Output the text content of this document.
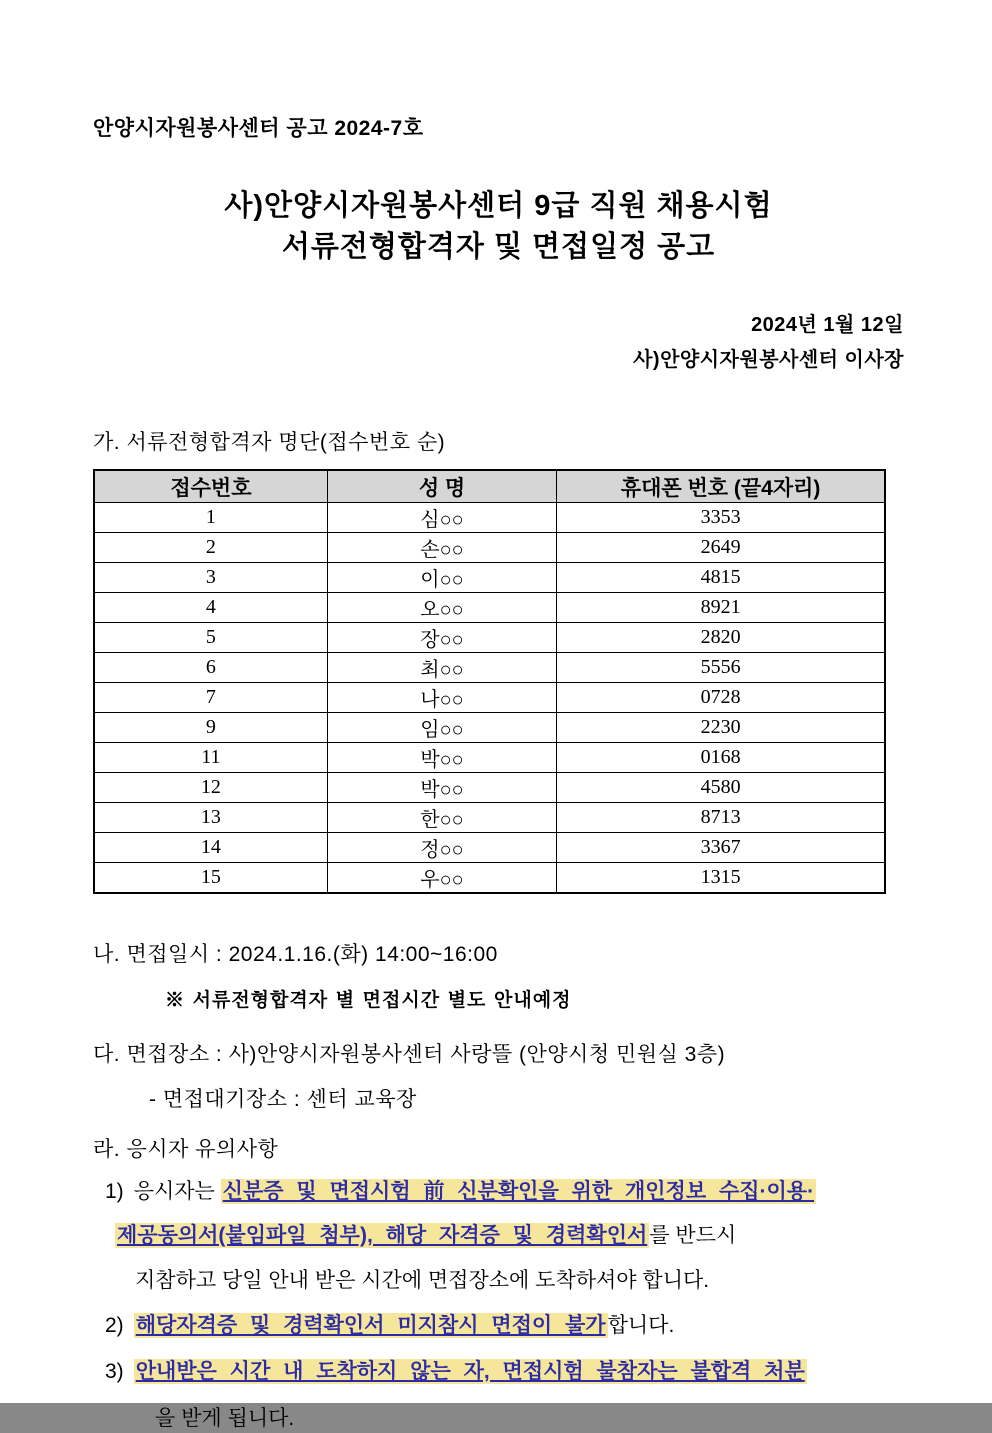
안양시자원봉사센터 공고 2024-7호
사)안양시자원봉사센터 9급 직원 채용시험
서류전형합격자 및 면접일정 공고
2024년 1월 12일
사)안양시자원봉사센터 이사장
가. 서류전형합격자 명단(접수번호 순)
접수번호	성 명	휴대폰 번호 (끝4자리)
1	심○○	3353
2	손○○	2649
3	이○○	4815
4	오○○	8921
5	장○○	2820
6	최○○	5556
7	나○○	0728
9	임○○	2230
11	박○○	0168
12	박○○	4580
13	한○○	8713
14	정○○	3367
15	우○○	1315
나. 면접일시 : 2024.1.16.(화) 14:00~16:00
※ 서류전형합격자 별 면접시간 별도 안내예정
다. 면접장소 : 사)안양시자원봉사센터 사랑뜰 (안양시청 민원실 3층)
- 면접대기장소 : 센터 교육장
라. 응시자 유의사항
1) 응시자는 신분증 및 면접시험 前 신분확인을 위한 개인정보 수집·이용·
제공동의서(붙임파일 첨부), 해당 자격증 및 경력확인서를 반드시
지참하고 당일 안내 받은 시간에 면접장소에 도착하셔야 합니다.
2) 해당자격증 및 경력확인서 미지참시 면접이 불가합니다.
3) 안내받은 시간 내 도착하지 않는 자, 면접시험 불참자는 불합격 처분
을 받게 됩니다.
